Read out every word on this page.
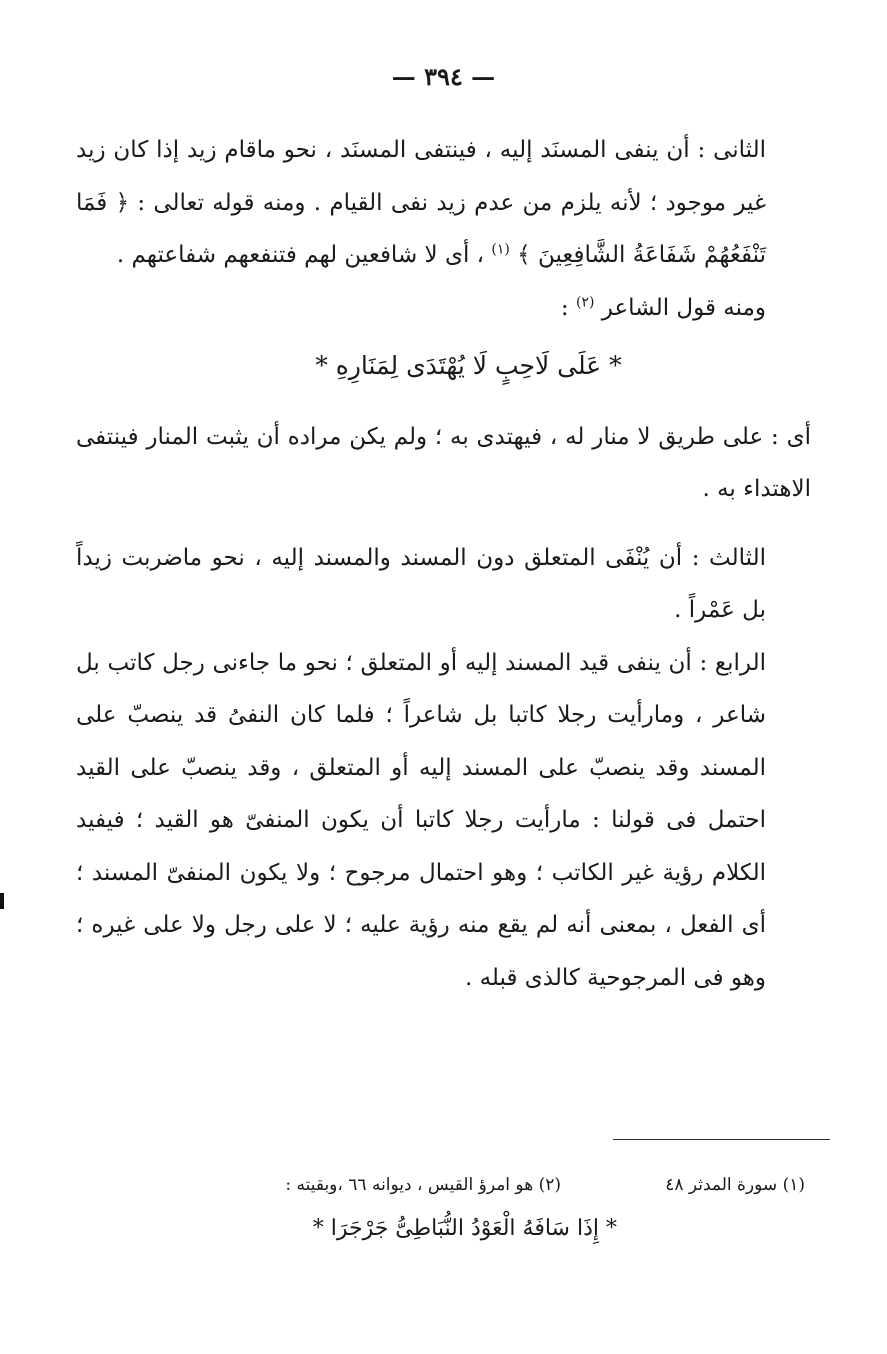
— ٣٩٤ —

الثانى : أن ينفى المسنَد إليه ، فينتفى المسنَد ، نحو ماقام زيد إذا كان زيد غير موجود ؛ لأنه يلزم من عدم زيد نفى القيام . ومنه قوله تعالى : ﴿ فَمَا تَنْفَعُهُمْ شَفَاعَةُ الشَّافِعِينَ ﴾ $^{(١)}$ ، أى لا شافعين لهم فتنفعهم شفاعتهم .

ومنه قول الشاعر $^{(٢)}$ :

* عَلَى لَاحِبٍ لَا يُهْتَدَى لِمَنَارِهِ *

أى : على طريق لا منار له ، فيهتدى به ؛ ولم يكن مراده أن يثبت المنار فينتفى الاهتداء به .

الثالث : أن يُنْفَى المتعلق دون المسند والمسند إليه ، نحو ماضربت زيداً بل عَمْراً .

الرابع : أن ينفى قيد المسند إليه أو المتعلق ؛ نحو ما جاءنى رجل كاتب بل شاعر ، ومارأيت رجلا كاتبا بل شاعراً ؛ فلما كان النفىُ قد ينصبّ على المسند وقد ينصبّ على المسند إليه أو المتعلق ، وقد ينصبّ على القيد احتمل فى قولنا : مارأيت رجلا كاتبا أن يكون المنفىّ هو القيد ؛ فيفيد الكلام رؤية غير الكاتب ؛ وهو احتمال مرجوح ؛ ولا يكون المنفىّ المسند ؛ أى الفعل ، بمعنى أنه لم يقع منه رؤية عليه ؛ لا على رجل ولا على غيره ؛ وهو فى المرجوحية كالذى قبله .

(١) سورة المدثر ٤٨
(٢) هو امرؤ القيس ، ديوانه ٦٦ ،وبقيته :
* إِذَا سَافَهُ الْعَوْدُ النُّبَاطِىُّ جَرْجَرَا *
